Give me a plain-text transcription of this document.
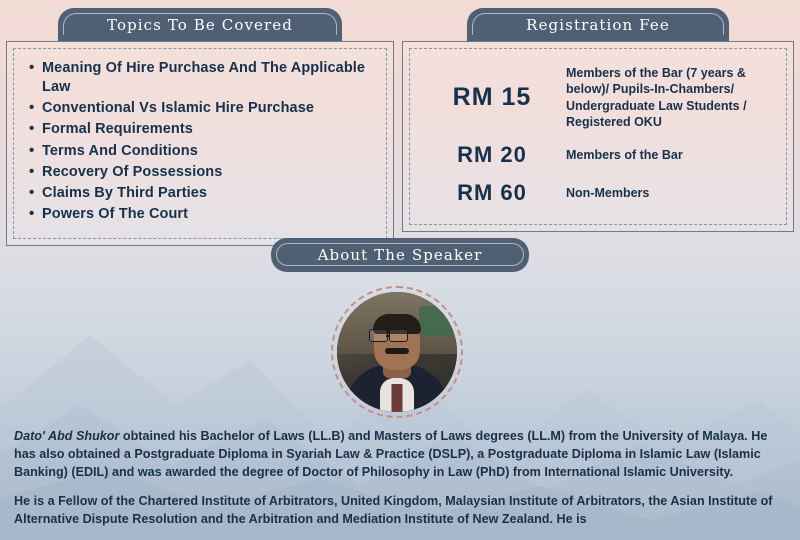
Topics To Be Covered
• Meaning Of Hire Purchase And The Applicable Law
• Conventional Vs Islamic Hire Purchase
• Formal Requirements
• Terms And Conditions
• Recovery Of Possessions
• Claims By Third Parties
• Powers Of The Court
Registration Fee
RM 15
Members of the Bar (7 years & below)/ Pupils-In-Chambers/ Undergraduate Law Students / Registered OKU
RM 20	Members of the Bar
RM 60	Non-Members
About The Speaker

Dato' Abd Shukor obtained his Bachelor of Laws (LL.B) and Masters of Laws degrees (LL.M) from the University of Malaya. He has also obtained a Postgraduate Diploma in Syariah Law & Practice (DSLP), a Postgraduate Diploma in Islamic Law (Islamic Banking) (EDIL) and was awarded the degree of Doctor of Philosophy in Law (PhD) from International Islamic University.

He is a Fellow of the Chartered Institute of Arbitrators, United Kingdom, Malaysian Institute of Arbitrators, the Asian Institute of Alternative Dispute Resolution and the Arbitration and Mediation Institute of New Zealand. He is
